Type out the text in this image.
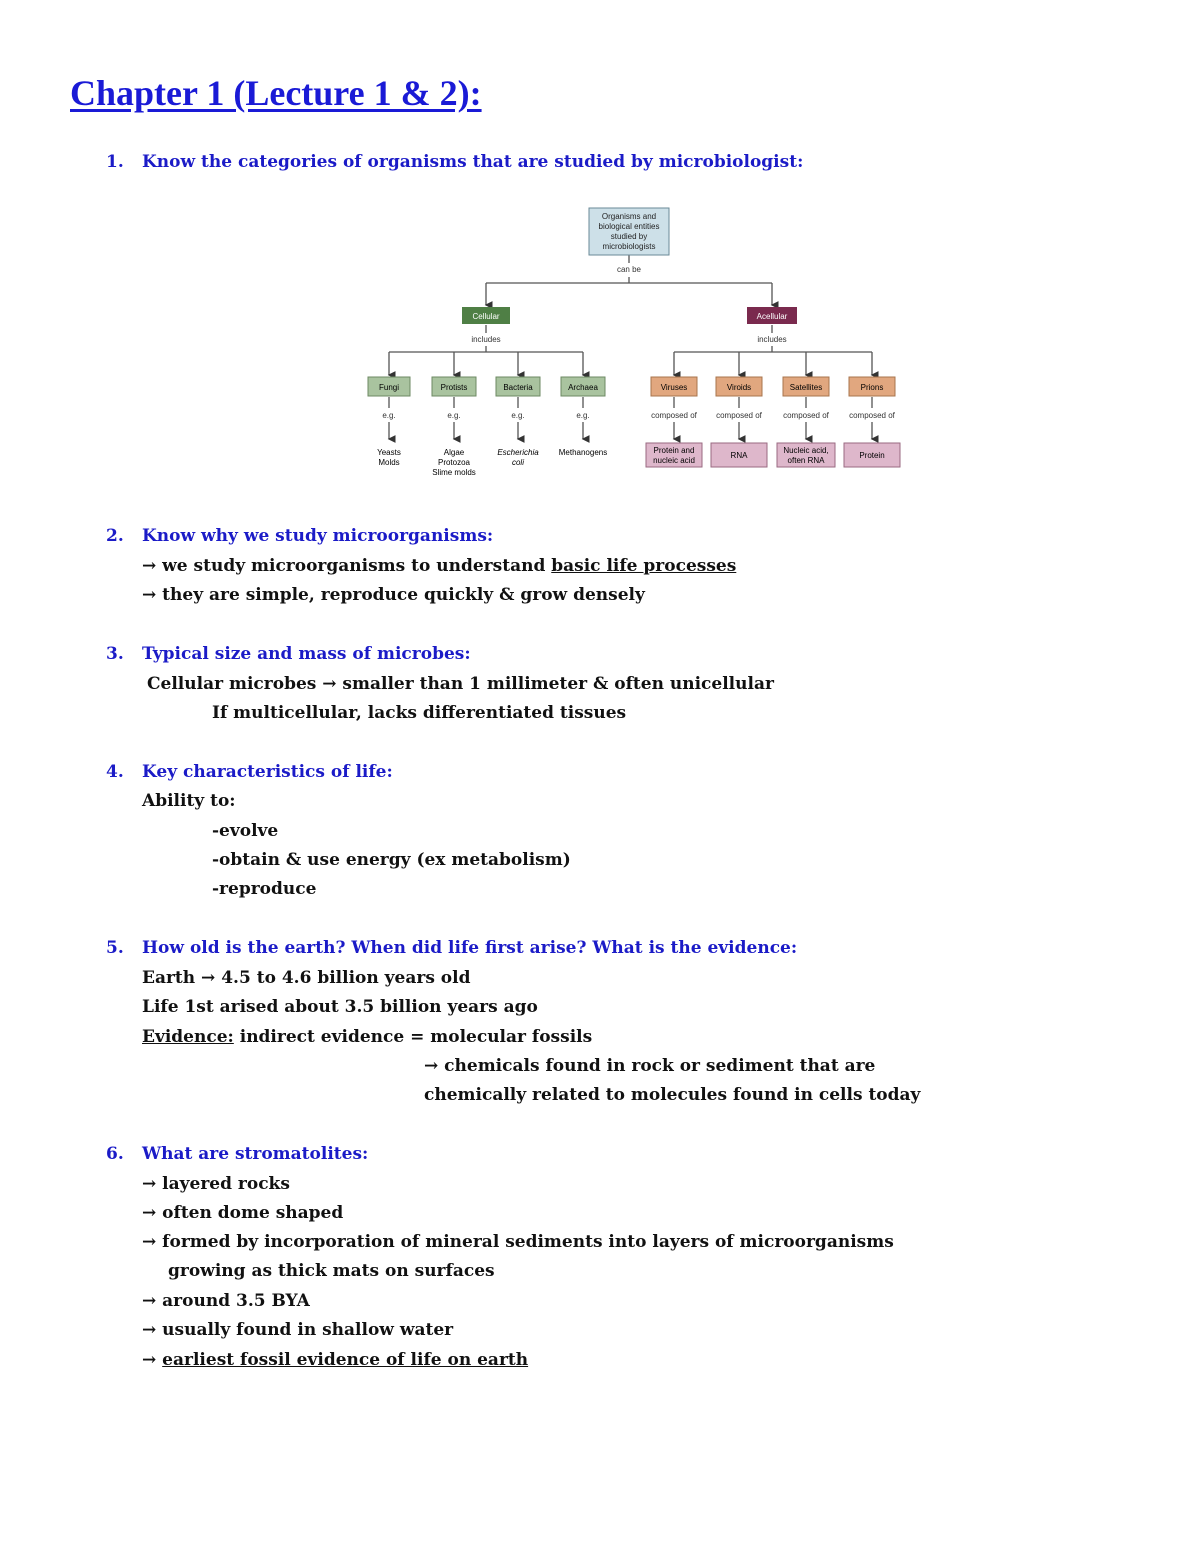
Chapter 1 (Lecture 1 & 2):
1. Know the categories of organisms that are studied by microbiologist:
Organisms and
biological entities
studied by
microbiologists
can be
Cellular
includes
Acellular
includes
Fungi	Protists	Bacteria	Archaea	Viruses	Viroids	Satellites	Prions
e.g.	e.g.	e.g.	e.g.	composed of composed of	composed of	composed of
Yeasts
Molds
Algae
Protozoa
Slime molds
Escherichia
coli
Methanogens	Protein and
nucleic acid
RNA
Nucleic acid,
often RNA
Protein
2. Know why we study microorganisms:
→ we study microorganisms to understand basic life processes
→ they are simple, reproduce quickly & grow densely
3. Typical size and mass of microbes:
Cellular microbes → smaller than 1 millimeter & often unicellular
If multicellular, lacks differentiated tissues
4. Key characteristics of life:
Ability to:
-evolve
-obtain & use energy (ex metabolism)
-reproduce
5. How old is the earth? When did life first arise? What is the evidence:
Earth → 4.5 to 4.6 billion years old
Life 1st arised about 3.5 billion years ago
Evidence: indirect evidence = molecular fossils
→ chemicals found in rock or sediment that are
chemically related to molecules found in cells today
6. What are stromatolites:
→ layered rocks
→ often dome shaped
→ formed by incorporation of mineral sediments into layers of microorganisms
growing as thick mats on surfaces
→ around 3.5 BYA
→ usually found in shallow water
→ earliest fossil evidence of life on earth
